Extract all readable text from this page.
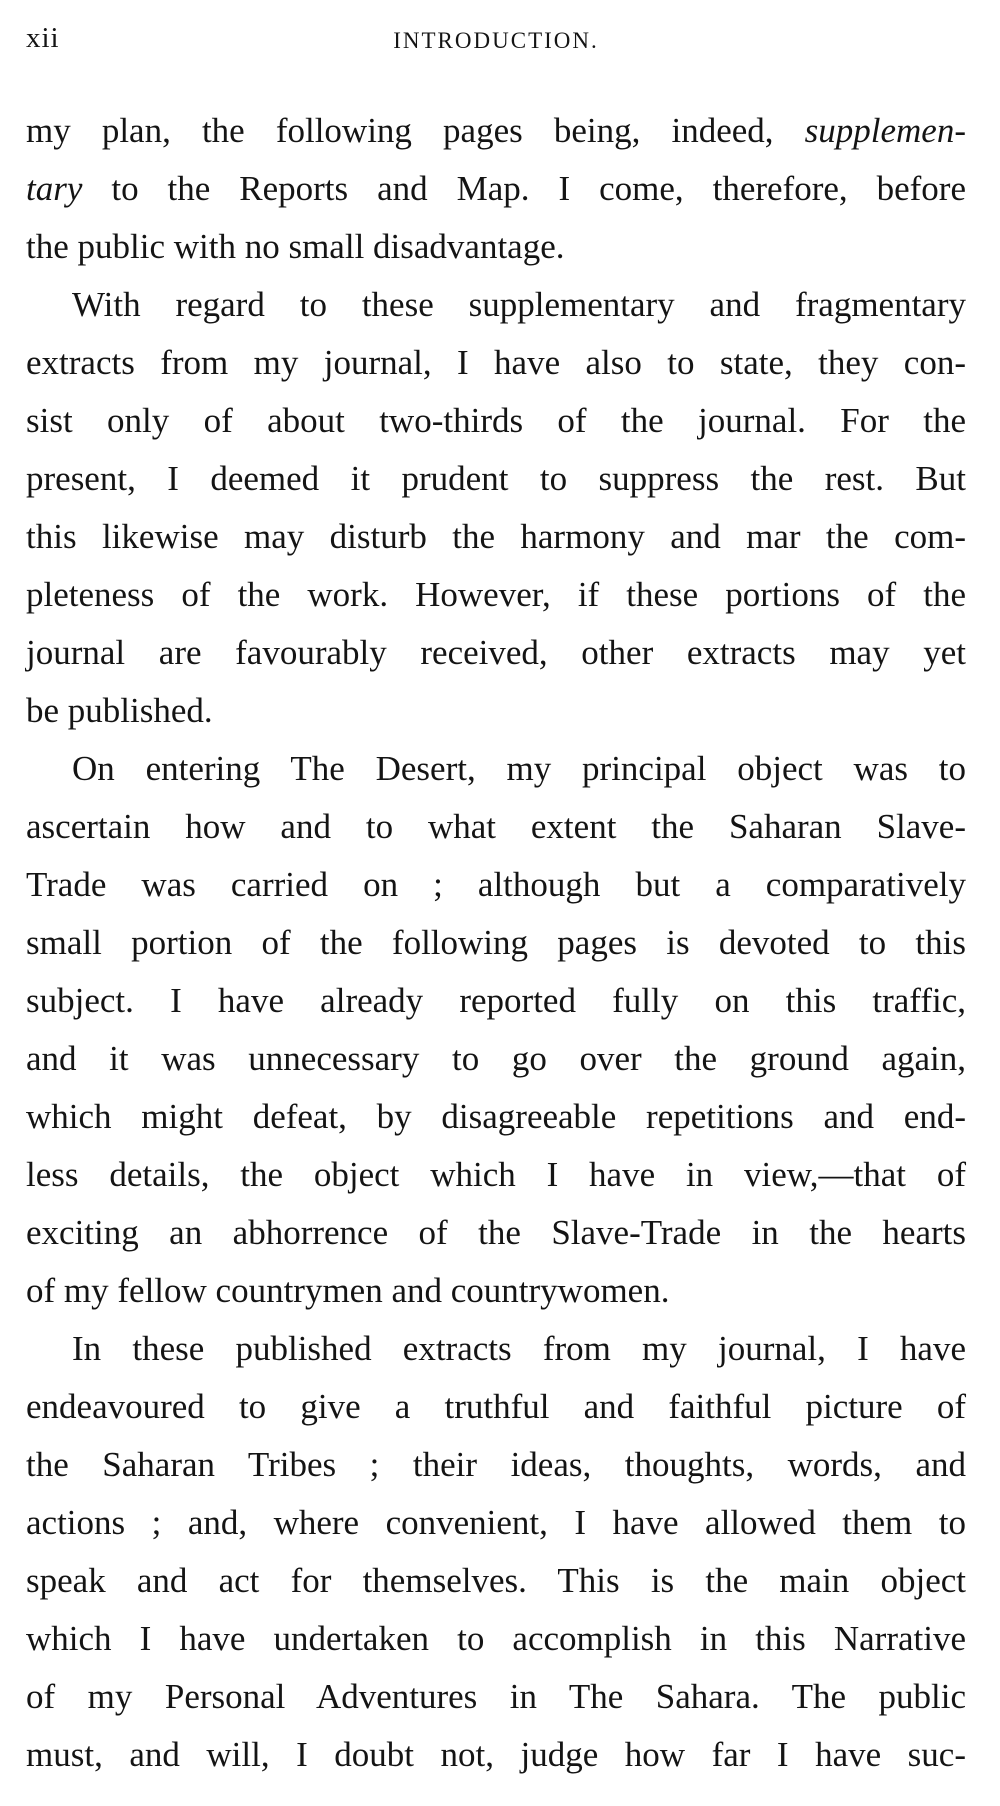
xii	INTRODUCTION.
my plan, the following pages being, indeed, supplemen-
tary to the Reports and Map. I come, therefore, before
the public with no small disadvantage.
With regard to these supplementary and fragmentary
extracts from my journal, I have also to state, they con-
sist only of about two-thirds of the journal. For the
present, I deemed it prudent to suppress the rest. But
this likewise may disturb the harmony and mar the com-
pleteness of the work. However, if these portions of the
journal are favourably received, other extracts may yet
be published.
On entering The Desert, my principal object was to
ascertain how and to what extent the Saharan Slave-
Trade was carried on ; although but a comparatively
small portion of the following pages is devoted to this
subject. I have already reported fully on this traffic,
and it was unnecessary to go over the ground again,
which might defeat, by disagreeable repetitions and end-
less details, the object which I have in view,—that of
exciting an abhorrence of the Slave-Trade in the hearts
of my fellow countrymen and countrywomen.
In these published extracts from my journal, I have
endeavoured to give a truthful and faithful picture of
the Saharan Tribes ; their ideas, thoughts, words, and
actions ; and, where convenient, I have allowed them to
speak and act for themselves. This is the main object
which I have undertaken to accomplish in this Narrative
of my Personal Adventures in The Sahara. The public
must, and will, I doubt not, judge how far I have suc-
